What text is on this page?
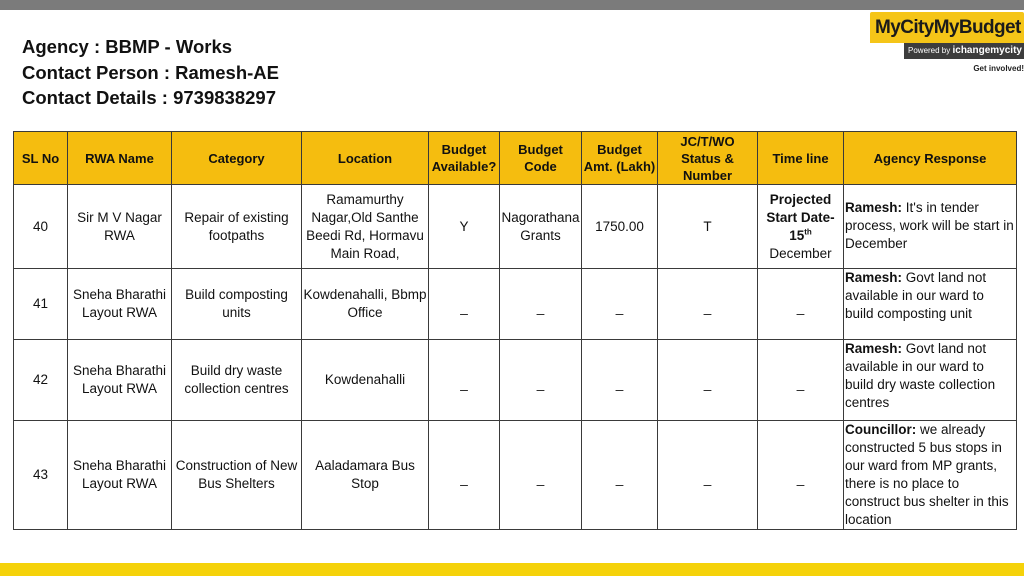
Agency : BBMP - Works
Contact Person : Ramesh-AE
Contact Details : 9739838297
MyCityMyBudget
Powered by ichangemycity
Get involved!
SL No	RWA Name	Category	Location	Budget Available?	Budget Code	Budget Amt. (Lakh)	JC/T/WO Status & Number	Time line	Agency Response
40	Sir M V Nagar RWA	Repair of existing footpaths	Ramamurthy Nagar,Old Santhe Beedi Rd, Hormavu Main Road,	Y	Nagorathana Grants	1750.00	T	Projected Start Date-
15th
December	Ramesh: It's in tender process, work will be start in December
41	Sneha Bharathi Layout RWA	Build composting units	Kowdenahalli, Bbmp Office	_	_	_	_	_	Ramesh: Govt land not available in our ward to build composting unit
42	Sneha Bharathi Layout RWA	Build dry waste collection centres	Kowdenahalli	_	_	_	_	_	Ramesh: Govt land not available in our ward to build dry waste collection centres
43	Sneha Bharathi Layout RWA	Construction of New Bus Shelters	Aaladamara Bus Stop	_	_	_	_	_	Councillor: we already constructed 5 bus stops in our ward from MP grants, there is no place to construct bus shelter in this location
